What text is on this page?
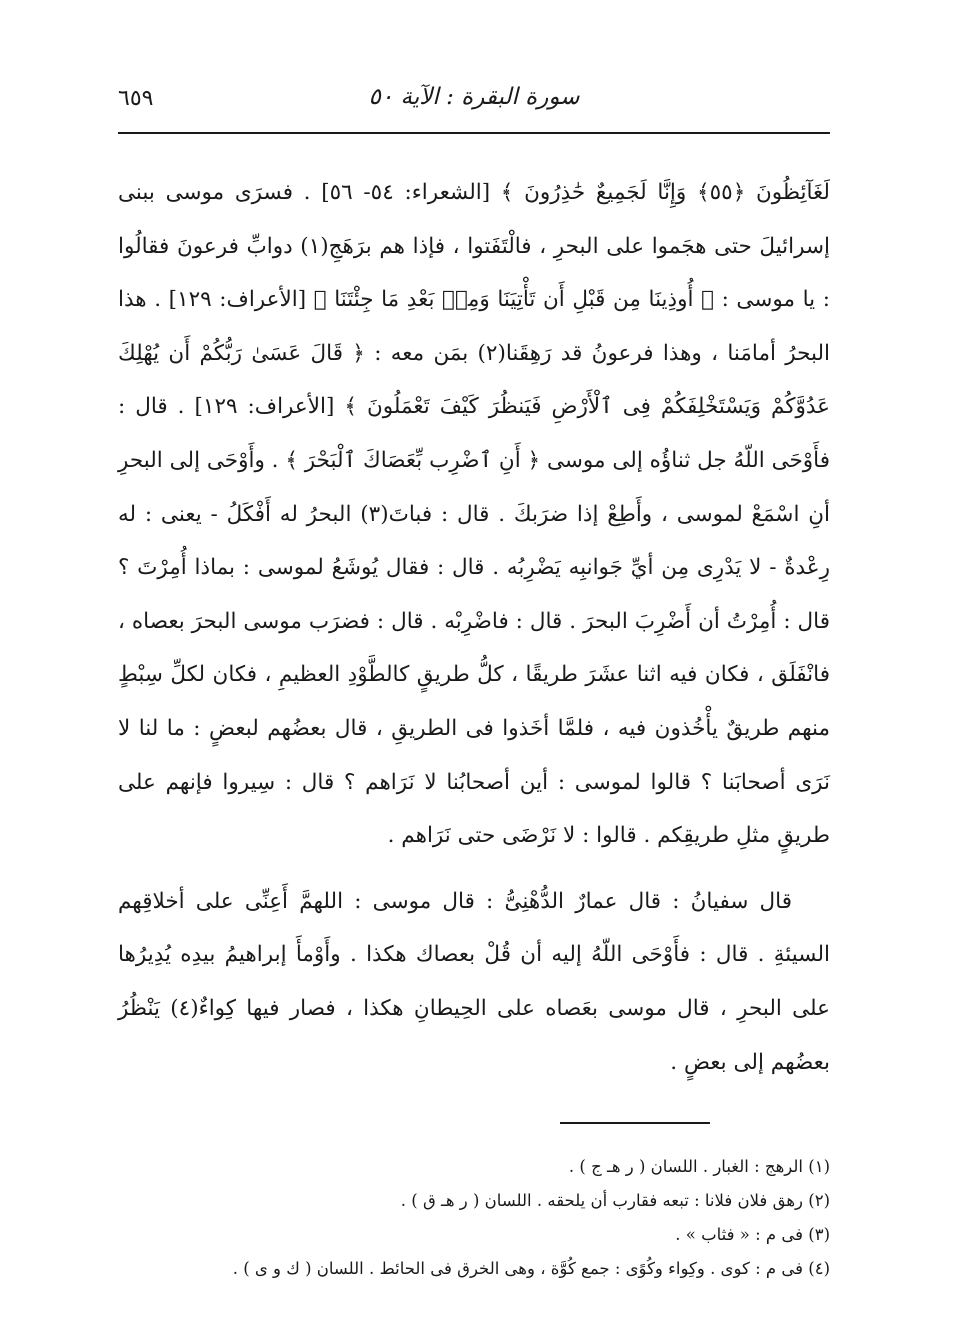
٦٥٩	سورة البقرة : الآية ٥٠

لَغَآئِظُونَ ﴿٥٥﴾ وَإِنَّا لَجَمِيعٌ حَٰذِرُونَ ﴾ [الشعراء: ٥٤- ٥٦] . فسرَى موسى ببنى إسرائيلَ حتى هجَموا على البحرِ ، فالْتَفَتوا ، فإذا هم برَهَجِ(١) دوابِّ فرعونَ فقالُوا : يا موسى : ﴿ أُوذِينَا مِن قَبْلِ أَن تَأْتِيَنَا وَمِنۢ بَعْدِ مَا جِئْتَنَا ﴾ [الأعراف: ١٢٩] . هذا البحرُ أمامَنا ، وهذا فرعونُ قد رَهِقَنا(٢) بمَن معه : ﴿ قَالَ عَسَىٰ رَبُّكُمْ أَن يُهْلِكَ عَدُوَّكُمْ وَيَسْتَخْلِفَكُمْ فِى ٱلْأَرْضِ فَيَنظُرَ كَيْفَ تَعْمَلُونَ ﴾ [الأعراف: ١٢٩] . قال : فأَوْحَى اللّهُ جل ثناؤُه إلى موسى ﴿ أَنِ ٱضْرِب بِّعَصَاكَ ٱلْبَحْرَ ﴾ . وأَوْحَى إلى البحرِ أنِ اسْمَعْ لموسى ، وأَطِعْ إذا ضرَبكَ . قال : فباتَ(٣) البحرُ له أَفْكَلُ - يعنى : له رِعْدةٌ - لا يَدْرِى مِن أيِّ جَوانبِه يَضْرِبُه . قال : فقال يُوشَعُ لموسى : بماذا أُمِرْتَ ؟ قال : أُمِرْتُ أن أَضْرِبَ البحرَ . قال : فاضْرِبْه . قال : فضرَب موسى البحرَ بعصاه ، فانْفَلَق ، فكان فيه اثنا عشَرَ طريقًا ، كلُّ طريقٍ كالطَّوْدِ العظيمِ ، فكان لكلِّ سِبْطٍ منهم طريقٌ يأْخُذون فيه ، فلمَّا أخَذوا فى الطريقِ ، قال بعضُهم لبعضٍ : ما لنا لا نَرَى أصحابَنا ؟ قالوا لموسى : أين أصحابُنا لا نَرَاهم ؟ قال : سِيروا فإنهم على طريقٍ مثلِ طريقِكم . قالوا : لا نَرْضَى حتى نَرَاهم .

قال سفيانُ : قال عمارٌ الدُّهْنِىُّ : قال موسى : اللهمَّ أَعِنِّى على أخلاقِهم السيئةِ . قال : فأَوْحَى اللّهُ إليه أن قُلْ بعصاك هكذا . وأَوْمأَ إبراهيمُ بيدِه يُدِيرُها على البحرِ ، قال موسى بعَصاه على الحِيطانِ هكذا ، فصار فيها كِواءٌ(٤) يَنْظُرُ بعضُهم إلى بعضٍ .

(١) الرهج : الغبار . اللسان ( ر هـ ج ) .

(٢) رهق فلان فلانا : تبعه فقارب أن يلحقه . اللسان ( ر هـ ق ) .

(٣) فى م : « فثاب » .

(٤) فى م : كوى . وكِواء وكُوًى : جمع كُوَّة ، وهى الخرق فى الحائط . اللسان ( ك و ى ) .
